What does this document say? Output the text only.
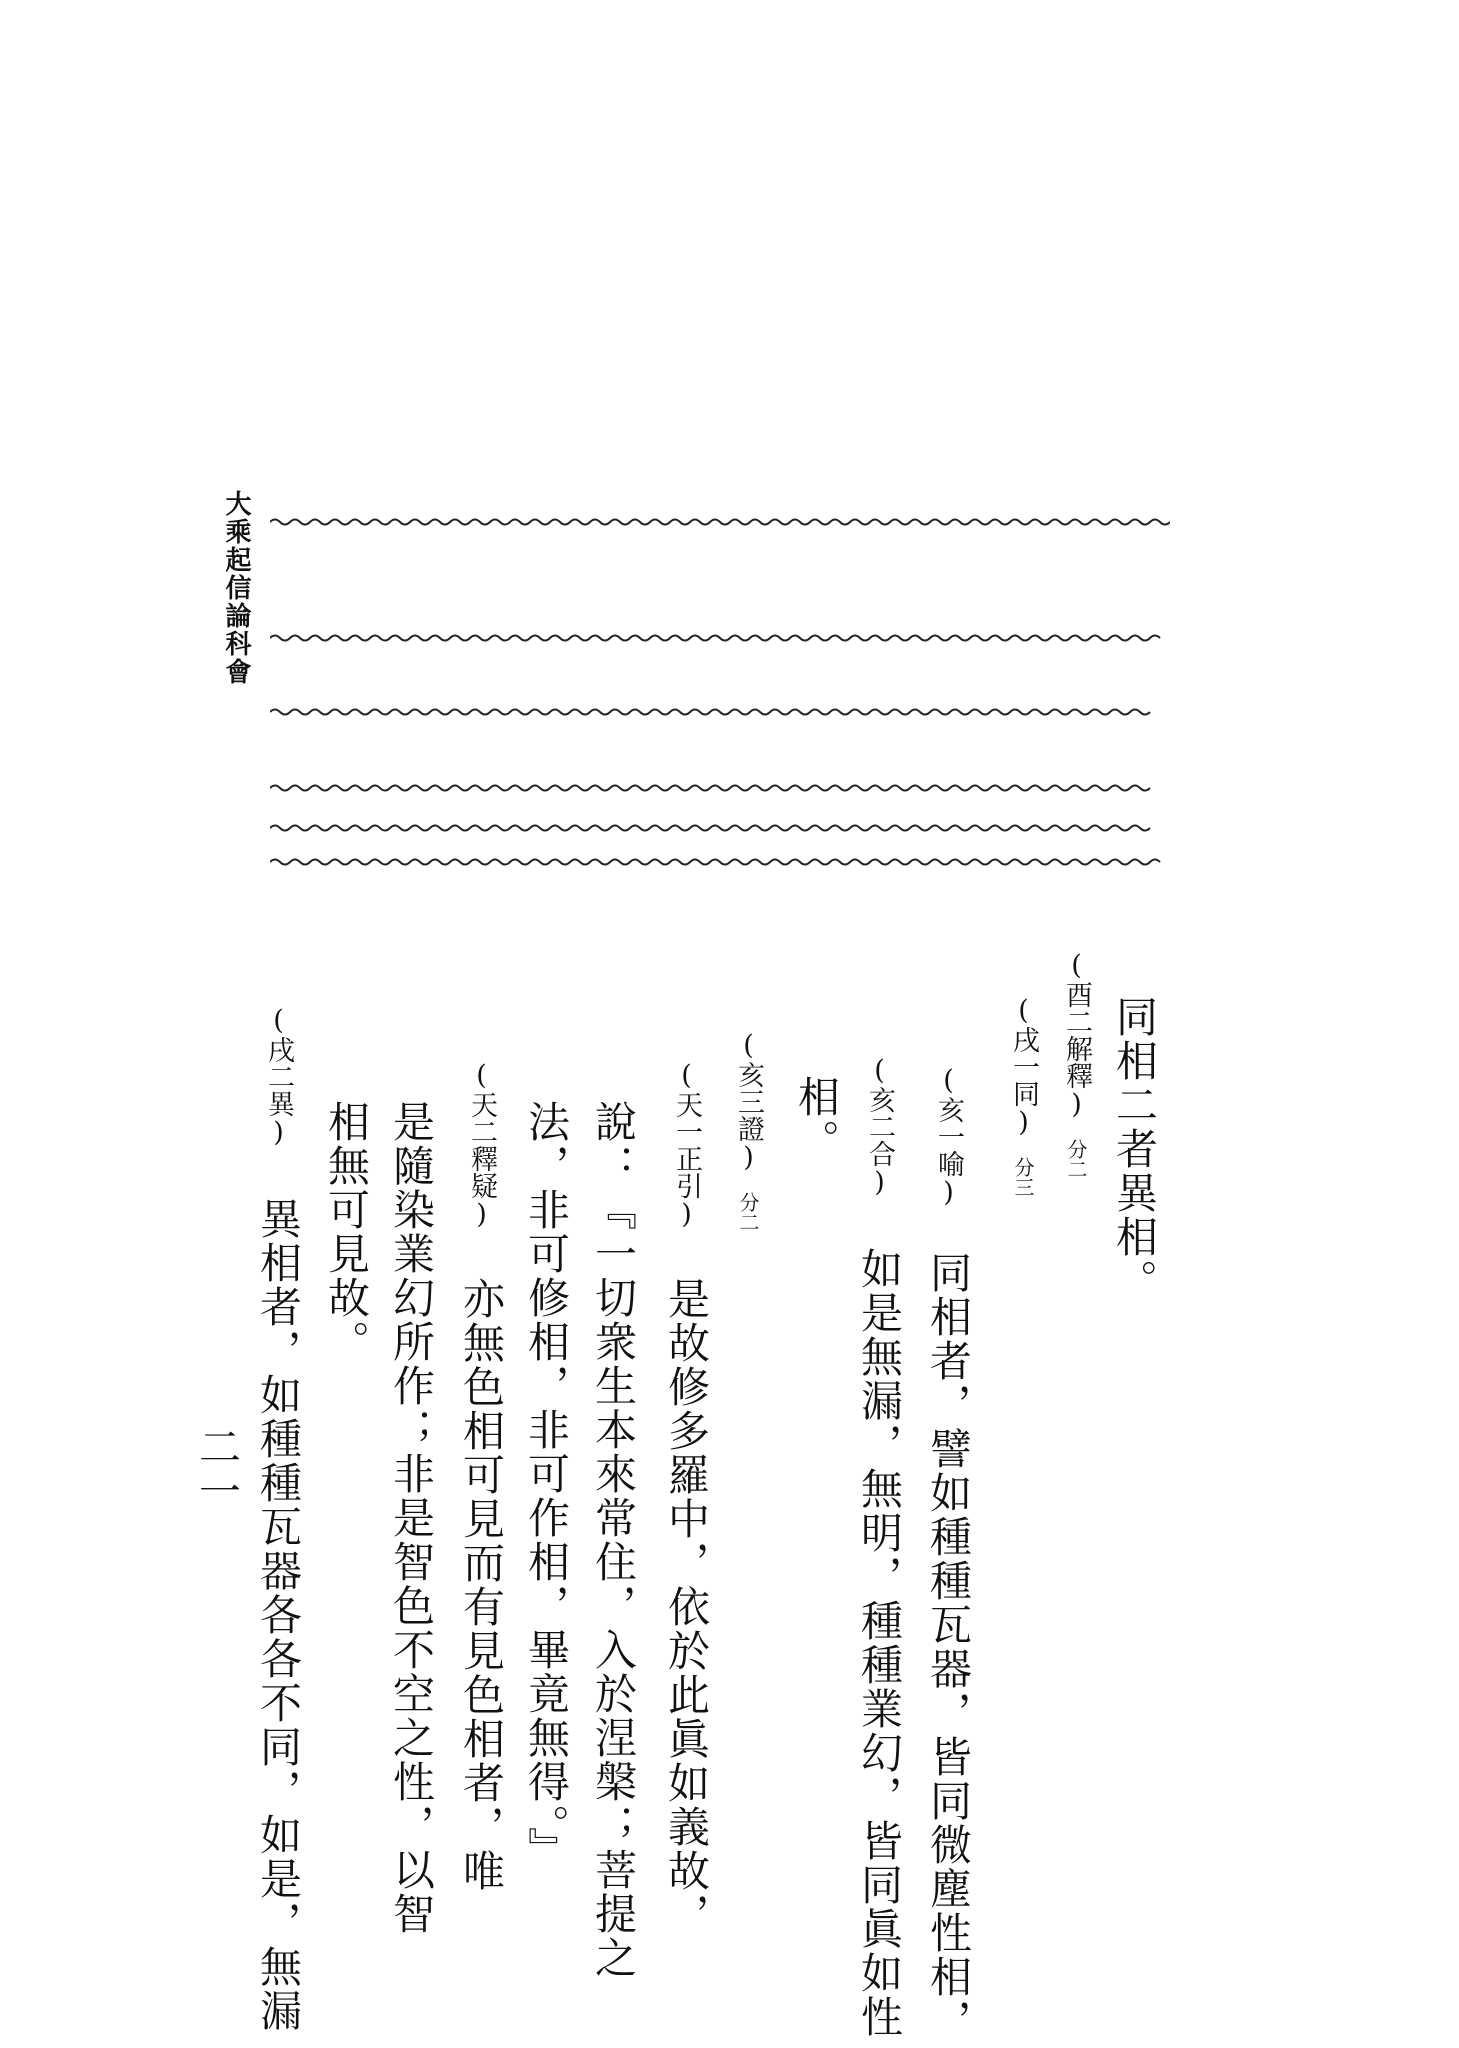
大乘起信論科會
同相二者異相。
(酉二解釋) 分二
(戌一同) 分三
(亥一喻) 同相者，譬如種種瓦器，皆同微塵性相，
(亥二合) 如是無漏，無明，種種業幻，皆同眞如性
相。
(亥三證) 分二
(天一正引) 是故修多羅中，依於此眞如義故，
說：『一切衆生本來常住，入於涅槃；菩提之
法，非可修相，非可作相，畢竟無得。』
(天二釋疑) 亦無色相可見而有見色相者，唯
是隨染業幻所作；非是智色不空之性，以智
相無可見故。
(戌二異) 異相者，如種種瓦器各各不同，如是，無漏
二一
